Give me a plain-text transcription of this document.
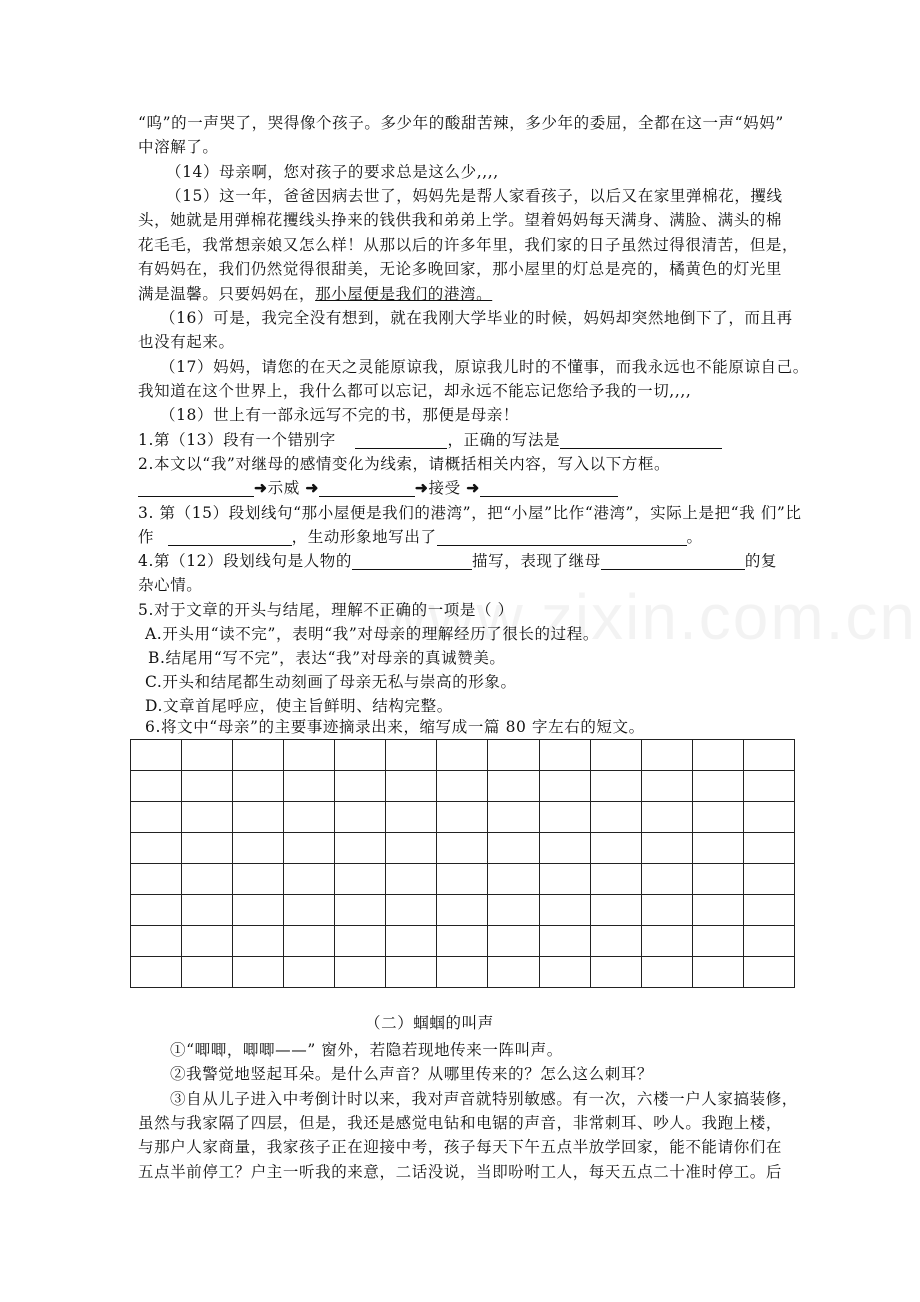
“呜”的一声哭了，哭得像个孩子。多少年的酸甜苦辣，多少年的委屈，全都在这一声“妈妈”
中溶解了。
（14）母亲啊，您对孩子的要求总是这么少,,,,
（15）这一年，爸爸因病去世了，妈妈先是帮人家看孩子，以后又在家里弹棉花，攫线
头，她就是用弹棉花攫线头挣来的钱供我和弟弟上学。望着妈妈每天满身、满脸、满头的棉
花毛毛，我常想亲娘又怎么样！从那以后的许多年里，我们家的日子虽然过得很清苦，但是，
有妈妈在，我们仍然觉得很甜美，无论多晚回家，那小屋里的灯总是亮的，橘黄色的灯光里
满是温馨。只要妈妈在，那小屋便是我们的港湾。
（16）可是，我完全没有想到，就在我刚大学毕业的时候，妈妈却突然地倒下了，而且再
也没有起来。
（17）妈妈，请您的在天之灵能原谅我，原谅我儿时的不懂事，而我永远也不能原谅自己。
我知道在这个世界上，我什么都可以忘记，却永远不能忘记您给予我的一切,,,,
（18）世上有一部永远写不完的书，那便是母亲！
1.第（13）段有一个错别字	，正确的写法是
2.本文以“我”对继母的感情变化为线索，请概括相关内容，写入以下方框。
➜示威 ➜	➜接受 ➜
3. 第（15）段划线句“那小屋便是我们的港湾”，把“小屋”比作“港湾”，实际上是把“我 们”比
作	，生动形象地写出了	。
4.第（12）段划线句是人物的	描写，表现了继母	的复
杂心情。
5.对于文章的开头与结尾，理解不正确的一项是（ ）
A.开头用“读不完”，表明“我”对母亲的理解经历了很长的过程。
B.结尾用“写不完”，表达“我”对母亲的真诚赞美。
C.开头和结尾都生动刻画了母亲无私与崇高的形象。
D.文章首尾呼应，使主旨鲜明、结构完整。
6.将文中“母亲”的主要事迹摘录出来，缩写成一篇 80 字左右的短文。

（二）蝈蝈的叫声
①“唧唧，唧唧——” 窗外，若隐若现地传来一阵叫声。
②我警觉地竖起耳朵。是什么声音？从哪里传来的？怎么这么刺耳？
③自从儿子进入中考倒计时以来，我对声音就特别敏感。有一次，六楼一户人家搞装修，
虽然与我家隔了四层，但是，我还是感觉电钻和电锯的声音，非常刺耳、吵人。我跑上楼，
与那户人家商量，我家孩子正在迎接中考，孩子每天下午五点半放学回家，能不能请你们在
五点半前停工？户主一听我的来意，二话没说，当即吩咐工人，每天五点二十准时停工。后
